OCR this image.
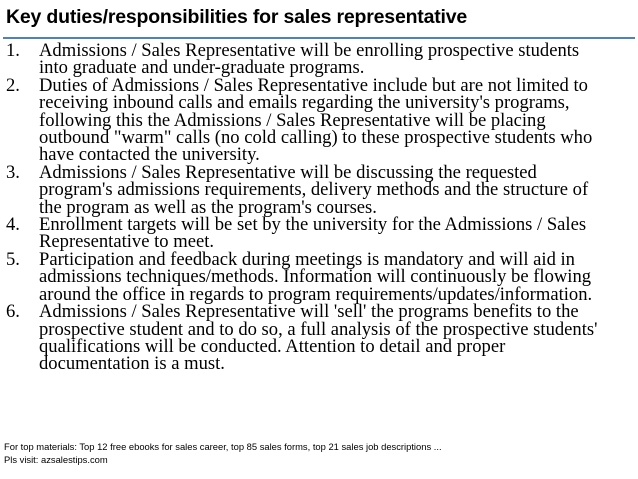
Key duties/responsibilities for sales representative
1. Admissions / Sales Representative will be enrolling prospective students
into graduate and under-graduate programs.
2. Duties of Admissions / Sales Representative include but are not limited to
receiving inbound calls and emails regarding the university's programs,
following this the Admissions / Sales Representative will be placing
outbound "warm" calls (no cold calling) to these prospective students who
have contacted the university.
3. Admissions / Sales Representative will be discussing the requested
program's admissions requirements, delivery methods and the structure of
the program as well as the program's courses.
4. Enrollment targets will be set by the university for the Admissions / Sales
Representative to meet.
5. Participation and feedback during meetings is mandatory and will aid in
admissions techniques/methods. Information will continuously be flowing
around the office in regards to program requirements/updates/information.
6. Admissions / Sales Representative will 'sell' the programs benefits to the
prospective student and to do so, a full analysis of the prospective students'
qualifications will be conducted. Attention to detail and proper
documentation is a must.
For top materials: Top 12 free ebooks for sales career, top 85 sales forms, top 21 sales job descriptions ...
Pls visit: azsalestips.com
